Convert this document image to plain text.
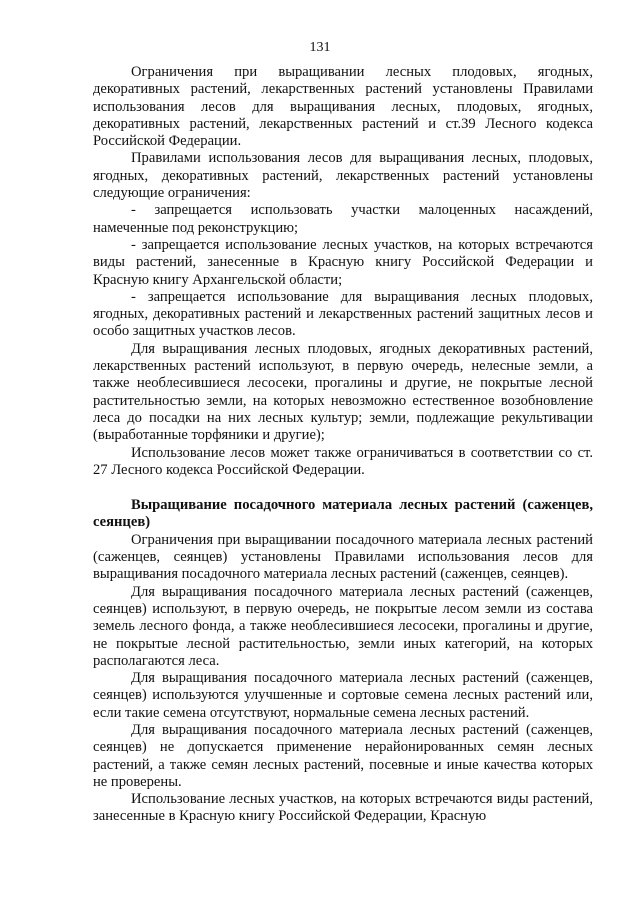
131

Ограничения при выращивании лесных плодовых, ягодных, декоративных растений, лекарственных растений установлены Правилами использования лесов для выращивания лесных, плодовых, ягодных, декоративных растений, лекарственных растений и ст.39 Лесного кодекса Российской Федерации.

Правилами использования лесов для выращивания лесных, плодовых, ягодных, декоративных растений, лекарственных растений установлены следующие ограничения:

- запрещается использовать участки малоценных насаждений, намеченные под реконструкцию;

- запрещается использование лесных участков, на которых встречаются виды растений, занесенные в Красную книгу Российской Федерации и Красную книгу Архангельской области;

- запрещается использование для выращивания лесных плодовых, ягодных, декоративных растений и лекарственных растений защитных лесов и особо защитных участков лесов.

Для выращивания лесных плодовых, ягодных декоративных растений, лекарственных растений используют, в первую очередь, нелесные земли, а также необлесившиеся лесосеки, прогалины и другие, не покрытые лесной растительностью земли, на которых невозможно естественное возобновление леса до посадки на них лесных культур; земли, подлежащие рекультивации (выработанные торфяники и другие);

Использование лесов может также ограничиваться в соответствии со ст. 27 Лесного кодекса Российской Федерации.

Выращивание посадочного материала лесных растений (саженцев, сеянцев)

Ограничения при выращивании посадочного материала лесных растений (саженцев, сеянцев) установлены Правилами использования лесов для выращивания посадочного материала лесных растений (саженцев, сеянцев).

Для выращивания посадочного материала лесных растений (саженцев, сеянцев) используют, в первую очередь, не покрытые лесом земли из состава земель лесного фонда, а также необлесившиеся лесосеки, прогалины и другие, не покрытые лесной растительностью, земли иных категорий, на которых располагаются леса.

Для выращивания посадочного материала лесных растений (саженцев, сеянцев) используются улучшенные и сортовые семена лесных растений или, если такие семена отсутствуют, нормальные семена лесных растений.

Для выращивания посадочного материала лесных растений (саженцев, сеянцев) не допускается применение нерайонированных семян лесных растений, а также семян лесных растений, посевные и иные качества которых не проверены.

Использование лесных участков, на которых встречаются виды растений, занесенные в Красную книгу Российской Федерации, Красную
